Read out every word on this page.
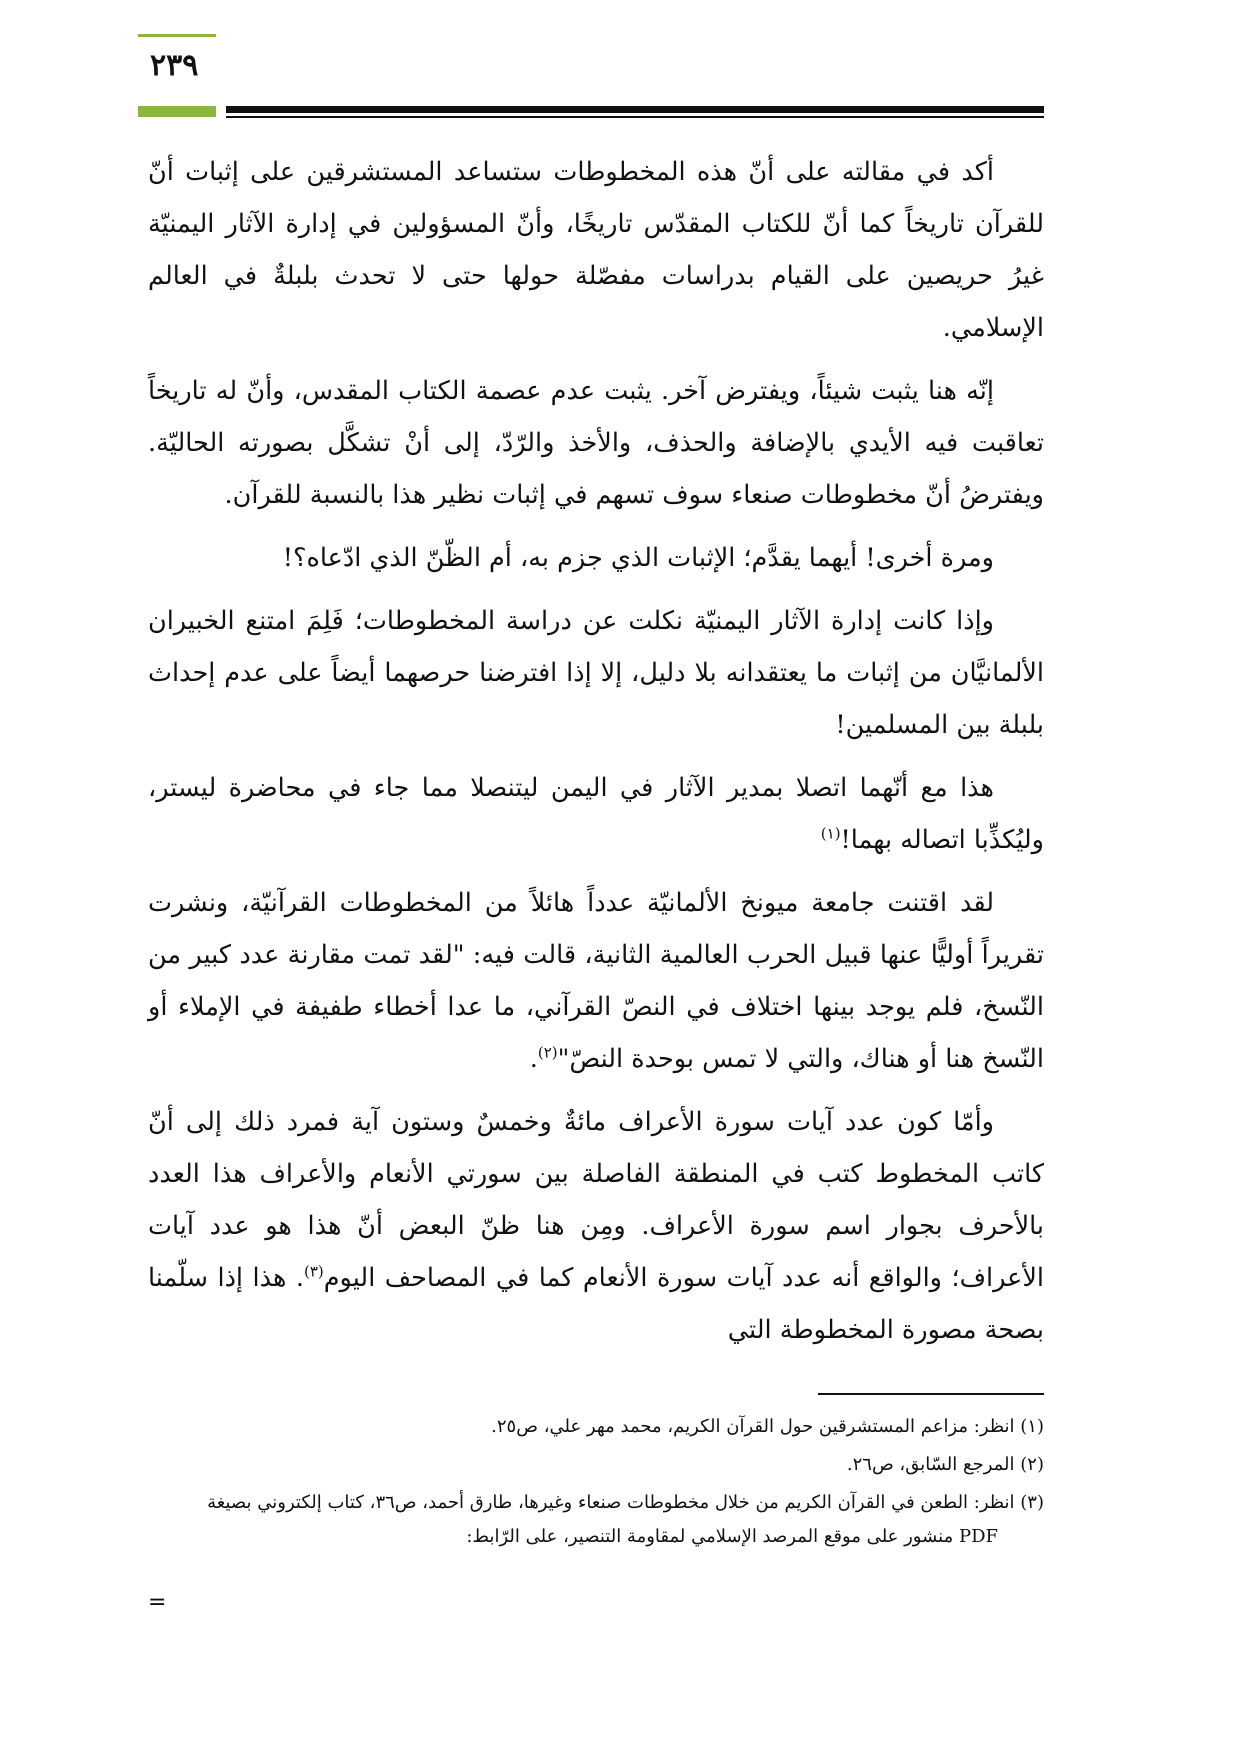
٢٣٩

أكد في مقالته على أنّ هذه المخطوطات ستساعد المستشرقين على إثبات أنّ للقرآن تاريخاً كما أنّ للكتاب المقدّس تاريخًا، وأنّ المسؤولين في إدارة الآثار اليمنيّة غيرُ حريصين على القيام بدراسات مفصّلة حولها حتى لا تحدث بلبلةٌ في العالم الإسلامي.

إنّه هنا يثبت شيئاً، ويفترض آخر. يثبت عدم عصمة الكتاب المقدس، وأنّ له تاريخاً تعاقبت فيه الأيدي بالإضافة والحذف، والأخذ والرّدّ، إلى أنْ تشكَّل بصورته الحاليّة. ويفترضُ أنّ مخطوطات صنعاء سوف تسهم في إثبات نظير هذا بالنسبة للقرآن.

ومرة أخرى! أيهما يقدَّم؛ الإثبات الذي جزم به، أم الظّنّ الذي ادّعاه؟!

وإذا كانت إدارة الآثار اليمنيّة نكلت عن دراسة المخطوطات؛ فَلِمَ امتنع الخبيران الألمانيَّان من إثبات ما يعتقدانه بلا دليل، إلا إذا افترضنا حرصهما أيضاً على عدم إحداث بلبلة بين المسلمين!

هذا مع أنّهما اتصلا بمدير الآثار في اليمن ليتنصلا مما جاء في محاضرة ليستر، وليُكذِّبا اتصاله بهما!$^{(١)}$

لقد اقتنت جامعة ميونخ الألمانيّة عدداً هائلاً من المخطوطات القرآنيّة، ونشرت تقريراً أوليًّا عنها قبيل الحرب العالمية الثانية، قالت فيه: "لقد تمت مقارنة عدد كبير من النّسخ، فلم يوجد بينها اختلاف في النصّ القرآني، ما عدا أخطاء طفيفة في الإملاء أو النّسخ هنا أو هناك، والتي لا تمس بوحدة النصّ"$^{(٢)}$.

وأمّا كون عدد آيات سورة الأعراف مائةٌ وخمسٌ وستون آية فمرد ذلك إلى أنّ كاتب المخطوط كتب في المنطقة الفاصلة بين سورتي الأنعام والأعراف هذا العدد بالأحرف بجوار اسم سورة الأعراف. ومِن هنا ظنّ البعض أنّ هذا هو عدد آيات الأعراف؛ والواقع أنه عدد آيات سورة الأنعام كما في المصاحف اليوم$^{(٣)}$. هذا إذا سلّمنا بصحة مصورة المخطوطة التي

(١) انظر: مزاعم المستشرقين حول القرآن الكريم، محمد مهر علي، ص٢٥.

(٢) المرجع السّابق، ص٢٦.

(٣) انظر: الطعن في القرآن الكريم من خلال مخطوطات صنعاء وغيرها، طارق أحمد، ص٣٦، كتاب إلكتروني بصيغة
PDF منشور على موقع المرصد الإسلامي لمقاومة التنصير، على الرّابط:

=
